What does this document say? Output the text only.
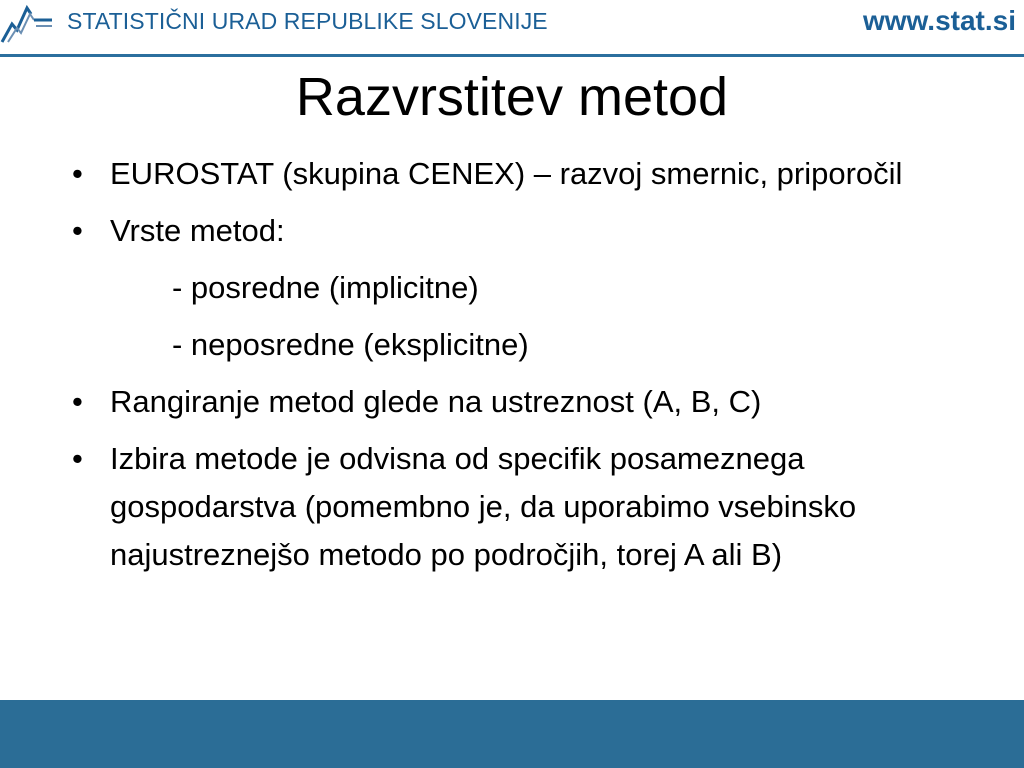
STATISTIČNI URAD REPUBLIKE SLOVENIJE	www.stat.si
Razvrstitev metod
• EUROSTAT (skupina CENEX) – razvoj smernic, priporočil
• Vrste metod:
- posredne (implicitne)
- neposredne (eksplicitne)
• Rangiranje metod glede na ustreznost (A, B, C)
• Izbira metode je odvisna od specifik posameznega gospodarstva (pomembno je, da uporabimo vsebinsko najustreznejšo metodo po področjih, torej A ali B)
